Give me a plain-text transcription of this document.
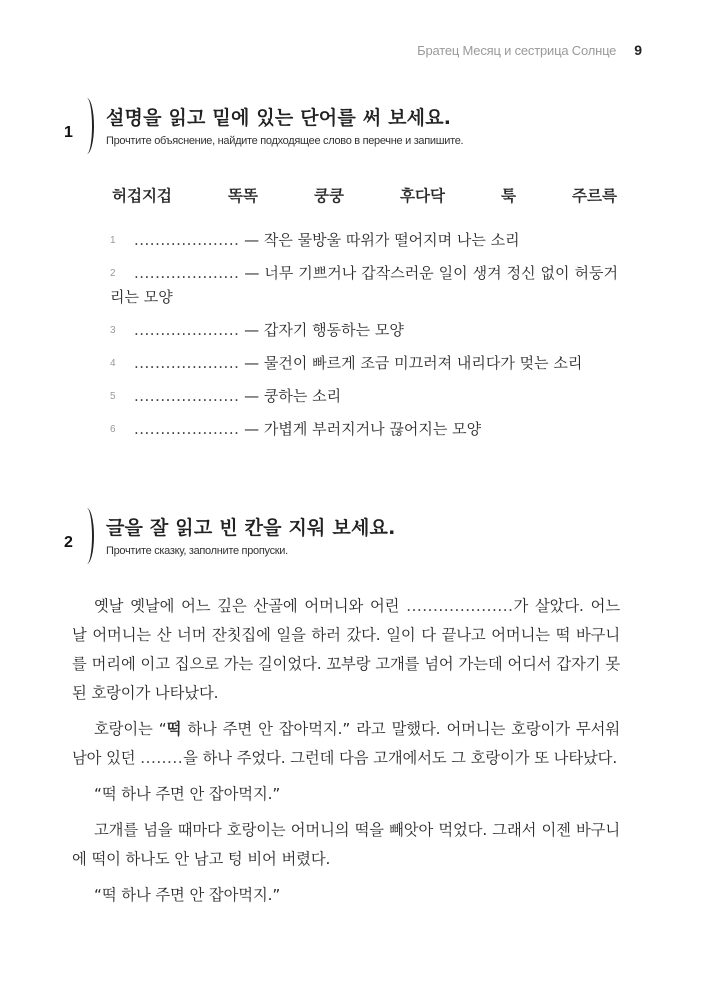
Братец Месяц и сестрица Солнце 9
1
설명을 읽고 밑에 있는 단어를 써 보세요.
Прочтите объяснение, найдите подходящее слово в перечне и запишите.
허겁지겁	똑똑	쿵쿵	후다닥	툭	주르륵
1	.................... — 작은 물방울 따위가 떨어지며 나는 소리
2	.................... — 너무 기쁘거나 갑작스러운 일이 생겨 정신 없이 허둥거리는 모양
3	.................... — 갑자기 행동하는 모양
4	.................... — 물건이 빠르게 조금 미끄러져 내리다가 멎는 소리
5	.................... — 쿵하는 소리
6	.................... — 가볍게 부러지거나 끊어지는 모양
2
글을 잘 읽고 빈 칸을 지워 보세요.
Прочтите сказку, заполните пропуски.

옛날 옛날에 어느 깊은 산골에 어머니와 어린 ....................가 살았다. 어느 날 어머니는 산 너머 잔칫집에 일을 하러 갔다. 일이 다 끝나고 어머니는 떡 바구니를 머리에 이고 집으로 가는 길이었다. 꼬부랑 고개를 넘어 가는데 어디서 갑자기 못된 호랑이가 나타났다.

호랑이는 “떡 하나 주면 안 잡아먹지.” 라고 말했다. 어머니는 호랑이가 무서워 남아 있던 ........을 하나 주었다. 그런데 다음 고개에서도 그 호랑이가 또 나타났다.

“떡 하나 주면 안 잡아먹지.”

고개를 넘을 때마다 호랑이는 어머니의 떡을 빼앗아 먹었다. 그래서 이젠 바구니에 떡이 하나도 안 남고 텅 비어 버렸다.

“떡 하나 주면 안 잡아먹지.”
